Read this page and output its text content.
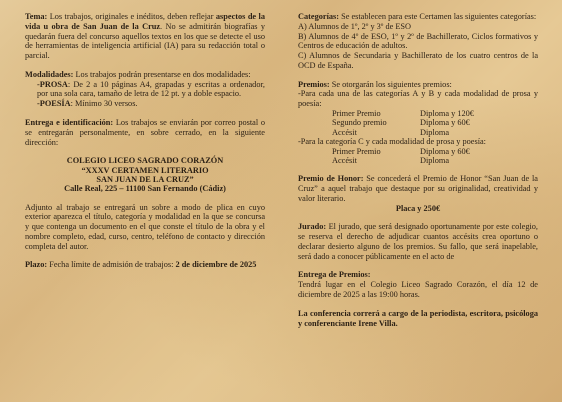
Tema: Los trabajos, originales e inéditos, deben reflejar aspectos de la vida u obra de San Juan de la Cruz. No se admitirán biografías y quedarán fuera del concurso aquellos textos en los que se detecte el uso de herramientas de inteligencia artificial (IA) para su redacción total o parcial.

Modalidades: Los trabajos podrán presentarse en dos modalidades:

-PROSA: De 2 a 10 páginas A4, grapadas y escritas a ordenador, por una sola cara, tamaño de letra de 12 pt. y a doble espacio.

-POESÍA: Mínimo 30 versos.

Entrega e identificación: Los trabajos se enviarán por correo postal o se entregarán personalmente, en sobre cerrado, en la siguiente dirección:

COLEGIO LICEO SAGRADO CORAZÓN
“XXXV CERTAMEN LITERARIO
SAN JUAN DE LA CRUZ”
Calle Real, 225 – 11100 San Fernando (Cádiz)

Adjunto al trabajo se entregará un sobre a modo de plica en cuyo exterior aparezca el título, categoría y modalidad en la que se concursa y que contenga un documento en el que conste el título de la obra y el nombre completo, edad, curso, centro, teléfono de contacto y dirección completa del autor.

Plazo: Fecha límite de admisión de trabajos: 2 de diciembre de 2025

Categorías: Se establecen para este Certamen las siguientes categorías:

A) Alumnos de 1º, 2º y 3º de ESO

B) Alumnos de 4º de ESO, 1º y 2º de Bachillerato, Ciclos formativos y Centros de educación de adultos.

C) Alumnos de Secundaria y Bachillerato de los cuatro centros de la OCD de España.

Premios: Se otorgarán los siguientes premios:

-Para cada una de las categorías A y B y cada modalidad de prosa y poesía:

Primer Premio	Diploma y 120€
Segundo premio	Diploma y 60€
Accésit	Diploma

-Para la categoría C y cada modalidad de prosa y poesía:

Primer Premio	Diploma y 60€
Accésit	Diploma

Premio de Honor: Se concederá el Premio de Honor “San Juan de la Cruz” a aquel trabajo que destaque por su originalidad, creatividad y valor literario.

Placa y 250€

Jurado: El jurado, que será designado oportunamente por este colegio, se reserva el derecho de adjudicar cuantos accésits crea oportuno o declarar desierto alguno de los premios. Su fallo, que será inapelable, será dado a conocer públicamente en el acto de

Entrega de Premios:

Tendrá lugar en el Colegio Liceo Sagrado Corazón, el día 12 de diciembre de 2025 a las 19:00 horas.

La conferencia correrá a cargo de la periodista, escritora, psicóloga y conferenciante Irene Villa.
